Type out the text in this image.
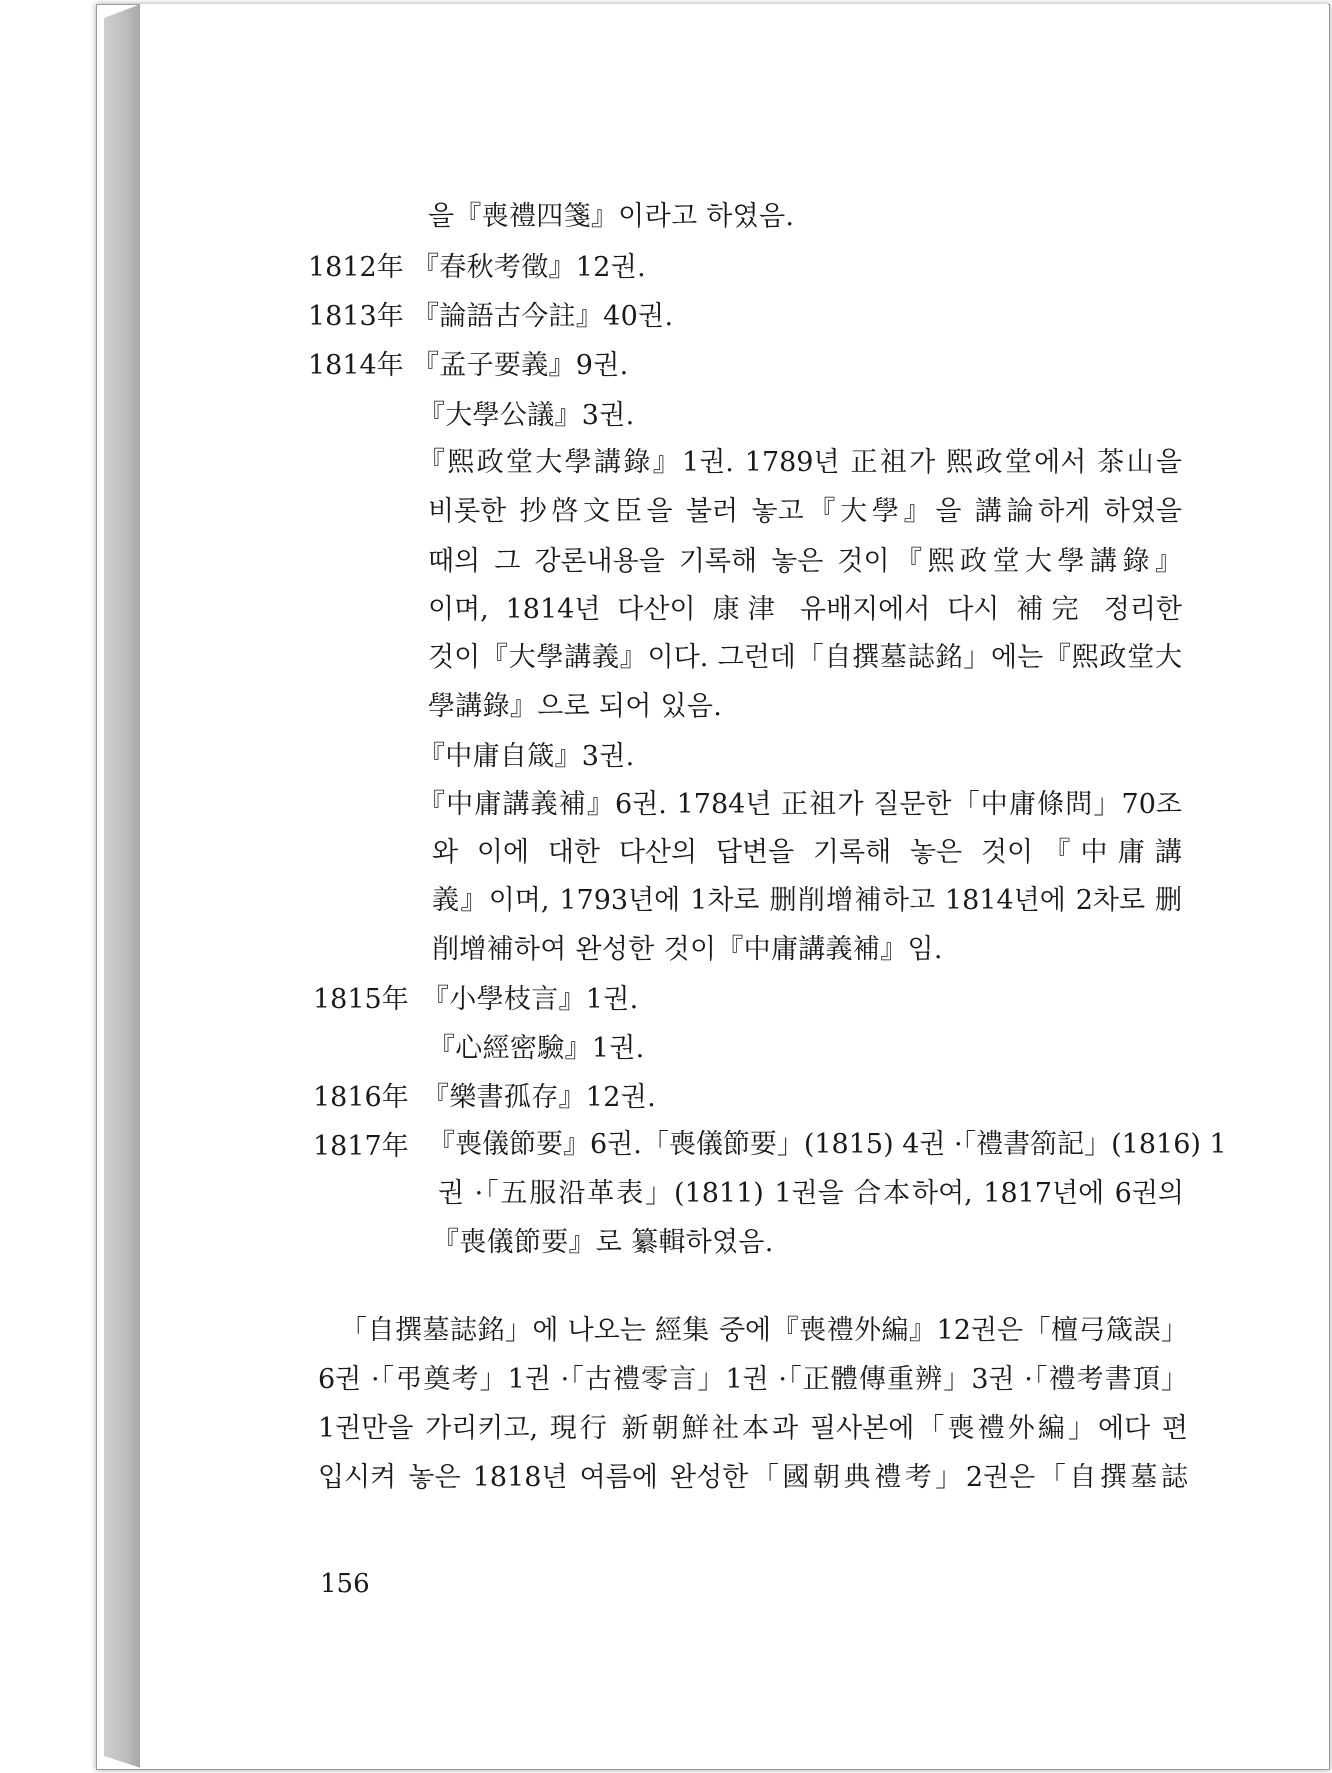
을『喪禮四箋』이라고 하였음.
1812年 『春秋考徵』12권.
1813年 『論語古今註』40권.
1814年 『孟子要義』9권.
『大學公議』3권.
『熙政堂大學講錄』1권. 1789년 正祖가 熙政堂에서 茶山을
비롯한 抄啓文臣을 불러 놓고『大學』을 講論하게 하였을
때의 그 강론내용을 기록해 놓은 것이『熙政堂大學講錄』
이며, 1814년 다산이 康津 유배지에서 다시 補完 정리한
것이『大學講義』이다. 그런데「自撰墓誌銘」에는『熙政堂大
學講錄』으로 되어 있음.
『中庸自箴』3권.
『中庸講義補』6권. 1784년 正祖가 질문한「中庸條問」70조
와 이에 대한 다산의 답변을 기록해 놓은 것이『中庸講
義』이며, 1793년에 1차로 删削增補하고 1814년에 2차로 删
削增補하여 완성한 것이『中庸講義補』임.
1815年 『小學枝言』1권.
『心經密驗』1권.
1816年 『樂書孤存』12권.
1817年 『喪儀節要』6권.「喪儀節要」(1815) 4권 ·「禮書箚記」(1816) 1
권 ·「五服沿革表」(1811) 1권을 合本하여, 1817년에 6권의
『喪儀節要』로 纂輯하였음.
「自撰墓誌銘」에 나오는 經集 중에『喪禮外編』12권은「檀弓箴誤」
6권 ·「弔奠考」1권 ·「古禮零言」1권 ·「正體傳重辨」3권 ·「禮考書頂」
1권만을 가리키고, 現行 新朝鮮社本과 필사본에「喪禮外編」에다 편
입시켜 놓은 1818년 여름에 완성한「國朝典禮考」2권은「自撰墓誌
156
